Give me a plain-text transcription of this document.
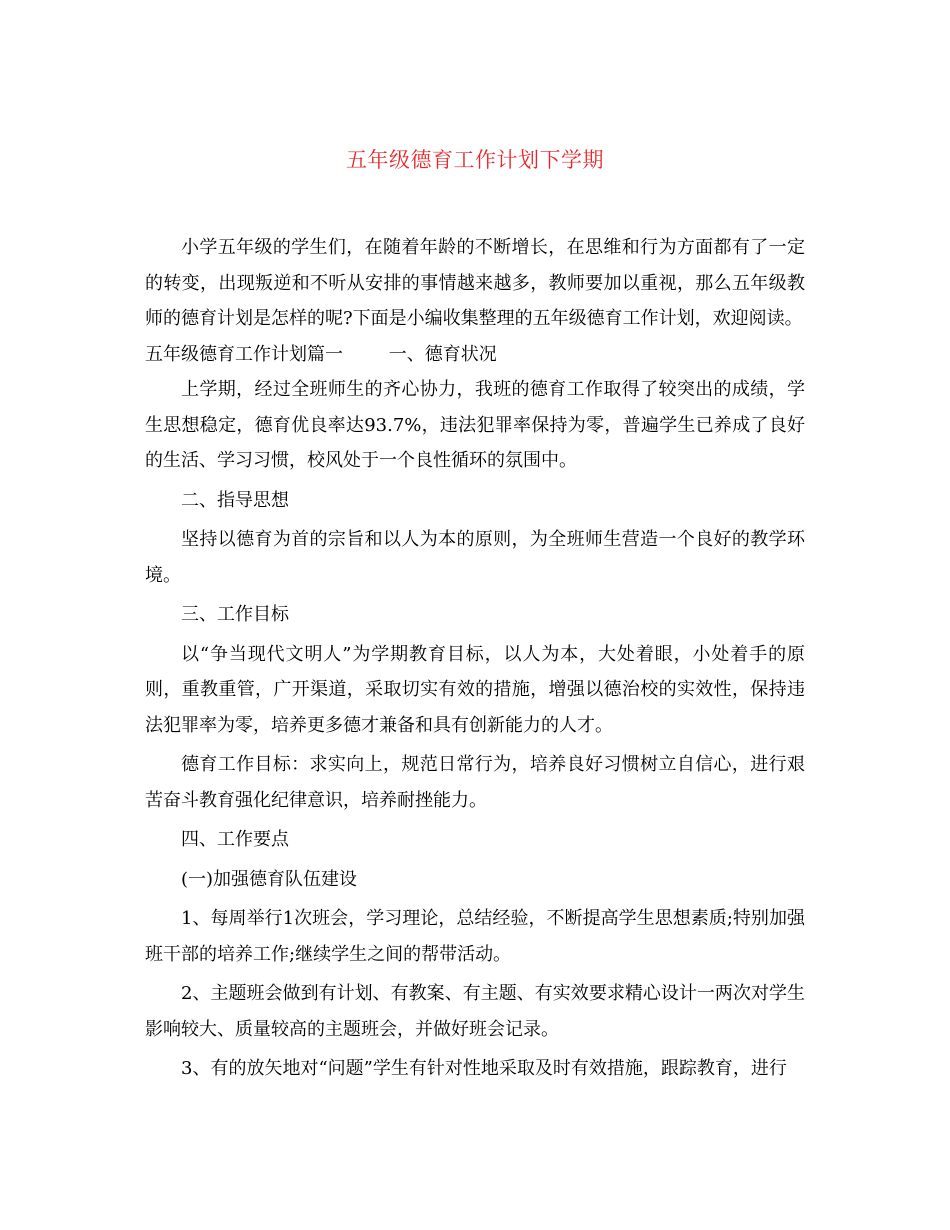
五年级德育工作计划下学期

小学五年级的学生们，在随着年龄的不断增长，在思维和行为方面都有了一定的转变，出现叛逆和不听从安排的事情越来越多，教师要加以重视，那么五年级教师的德育计划是怎样的呢?下面是小编收集整理的五年级德育工作计划，欢迎阅读。

五年级德育工作计划篇一        一、德育状况

上学期，经过全班师生的齐心协力，我班的德育工作取得了较突出的成绩，学生思想稳定，德育优良率达93.7%，违法犯罪率保持为零，普遍学生已养成了良好的生活、学习习惯，校风处于一个良性循环的氛围中。

二、指导思想

坚持以德育为首的宗旨和以人为本的原则，为全班师生营造一个良好的教学环境。

三、工作目标

以“争当现代文明人”为学期教育目标，以人为本，大处着眼，小处着手的原则，重教重管，广开渠道，采取切实有效的措施，增强以德治校的实效性，保持违法犯罪率为零，培养更多德才兼备和具有创新能力的人才。

德育工作目标：求实向上，规范日常行为，培养良好习惯树立自信心，进行艰苦奋斗教育强化纪律意识，培养耐挫能力。

四、工作要点

(一)加强德育队伍建设

1、每周举行1次班会，学习理论，总结经验，不断提高学生思想素质;特别加强班干部的培养工作;继续学生之间的帮带活动。

2、主题班会做到有计划、有教案、有主题、有实效要求精心设计一两次对学生影响较大、质量较高的主题班会，并做好班会记录。

3、有的放矢地对“问题”学生有针对性地采取及时有效措施，跟踪教育，进行
